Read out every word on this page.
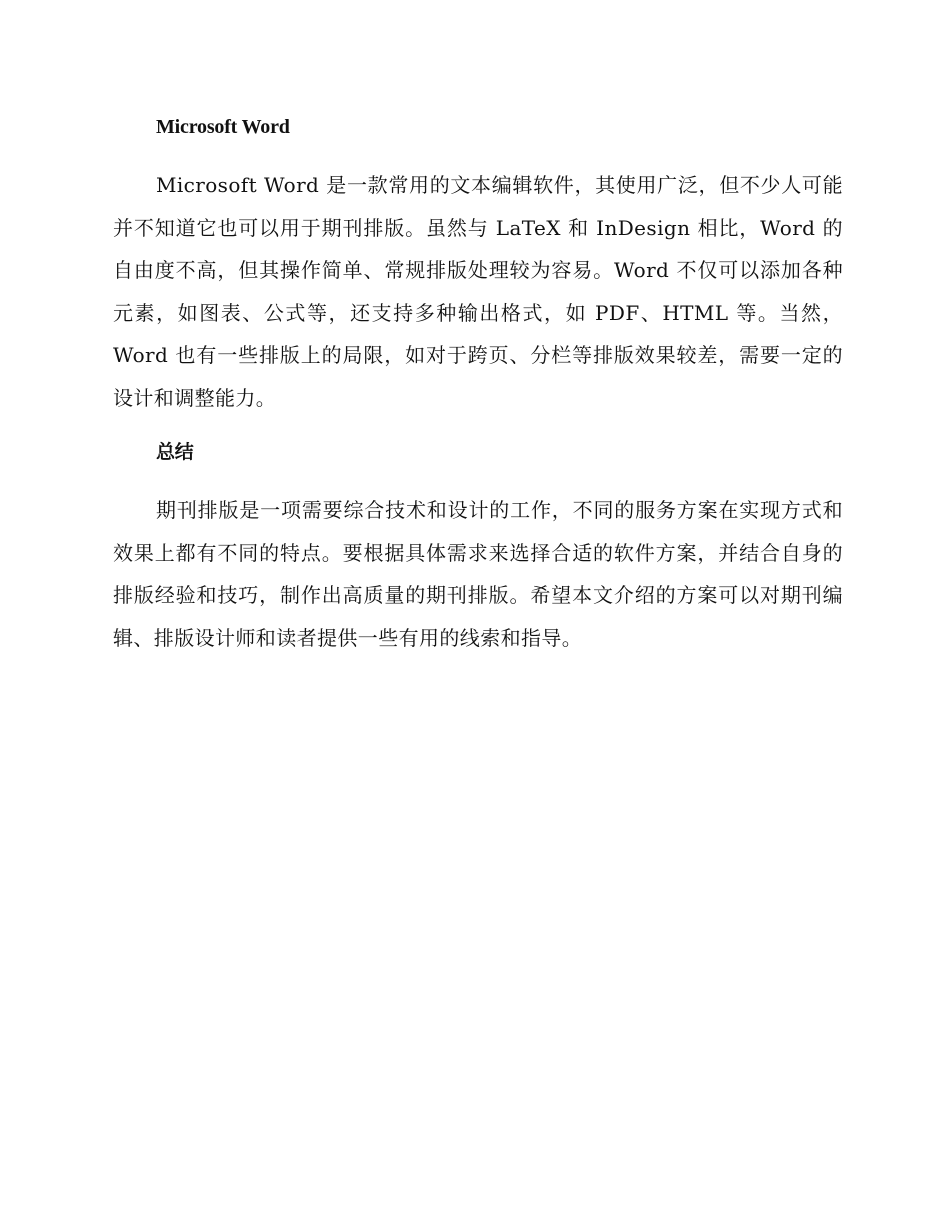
Microsoft Word

Microsoft Word 是一款常用的文本编辑软件，其使用广泛，但不少人可能并不知道它也可以用于期刊排版。虽然与 LaTeX 和 InDesign 相比，Word 的自由度不高，但其操作简单、常规排版处理较为容易。Word 不仅可以添加各种元素，如图表、公式等，还支持多种输出格式，如 PDF、HTML 等。当然，Word 也有一些排版上的局限，如对于跨页、分栏等排版效果较差，需要一定的设计和调整能力。

总结

期刊排版是一项需要综合技术和设计的工作，不同的服务方案在实现方式和效果上都有不同的特点。要根据具体需求来选择合适的软件方案，并结合自身的排版经验和技巧，制作出高质量的期刊排版。希望本文介绍的方案可以对期刊编辑、排版设计师和读者提供一些有用的线索和指导。
